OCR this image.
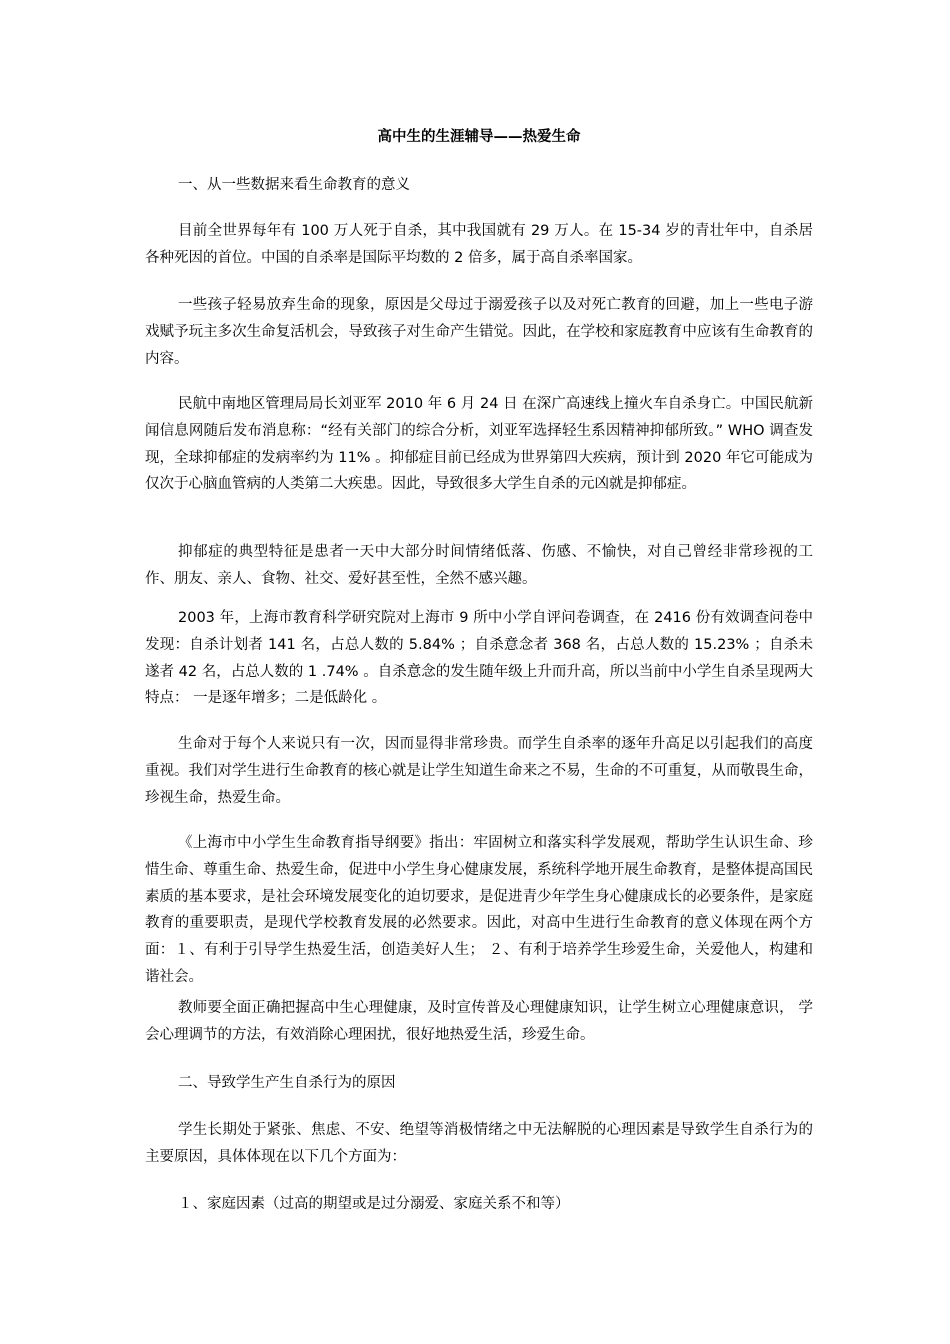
高中生的生涯辅导——热爱生命

一、从一些数据来看生命教育的意义

目前全世界每年有 100 万人死于自杀，其中我国就有 29 万人。在 15-34 岁的青壮年中，自杀居各种死因的首位。中国的自杀率是国际平均数的 2 倍多，属于高自杀率国家。

一些孩子轻易放弃生命的现象，原因是父母过于溺爱孩子以及对死亡教育的回避，加上一些电子游戏赋予玩主多次生命复活机会，导致孩子对生命产生错觉。因此，在学校和家庭教育中应该有生命教育的内容。

民航中南地区管理局局长刘亚军 2010 年 6 月 24 日 在深广高速线上撞火车自杀身亡。中国民航新闻信息网随后发布消息称：“经有关部门的综合分析，刘亚军选择轻生系因精神抑郁所致。” WHO 调查发现，全球抑郁症的发病率约为 11% 。抑郁症目前已经成为世界第四大疾病，预计到 2020 年它可能成为仅次于心脑血管病的人类第二大疾患。因此，导致很多大学生自杀的元凶就是抑郁症。

抑郁症的典型特征是患者一天中大部分时间情绪低落、伤感、不愉快，对自己曾经非常珍视的工作、朋友、亲人、食物、社交、爱好甚至性，全然不感兴趣。

2003 年，上海市教育科学研究院对上海市 9 所中小学自评问卷调查，在 2416 份有效调查问卷中发现：自杀计划者 141 名，占总人数的 5.84% ；自杀意念者 368 名，占总人数的 15.23% ；自杀未遂者 42 名，占总人数的 1 .74% 。自杀意念的发生随年级上升而升高，所以当前中小学生自杀呈现两大特点： 一是逐年增多；二是低龄化 。

生命对于每个人来说只有一次，因而显得非常珍贵。而学生自杀率的逐年升高足以引起我们的高度重视。我们对学生进行生命教育的核心就是让学生知道生命来之不易，生命的不可重复，从而敬畏生命，珍视生命，热爱生命。

《上海市中小学生生命教育指导纲要》指出：牢固树立和落实科学发展观，帮助学生认识生命、珍惜生命、尊重生命、热爱生命，促进中小学生身心健康发展，系统科学地开展生命教育，是整体提高国民素质的基本要求，是社会环境发展变化的迫切要求，是促进青少年学生身心健康成长的必要条件，是家庭教育的重要职责，是现代学校教育发展的必然要求。因此，对高中生进行生命教育的意义体现在两个方面：１、有利于引导学生热爱生活，创造美好人生； ２、有利于培养学生珍爱生命，关爱他人，构建和谐社会。

教师要全面正确把握高中生心理健康，及时宣传普及心理健康知识，让学生树立心理健康意识， 学会心理调节的方法，有效消除心理困扰，很好地热爱生活，珍爱生命。

二、导致学生产生自杀行为的原因

学生长期处于紧张、焦虑、不安、绝望等消极情绪之中无法解脱的心理因素是导致学生自杀行为的主要原因，具体体现在以下几个方面为：

１、家庭因素（过高的期望或是过分溺爱、家庭关系不和等）
